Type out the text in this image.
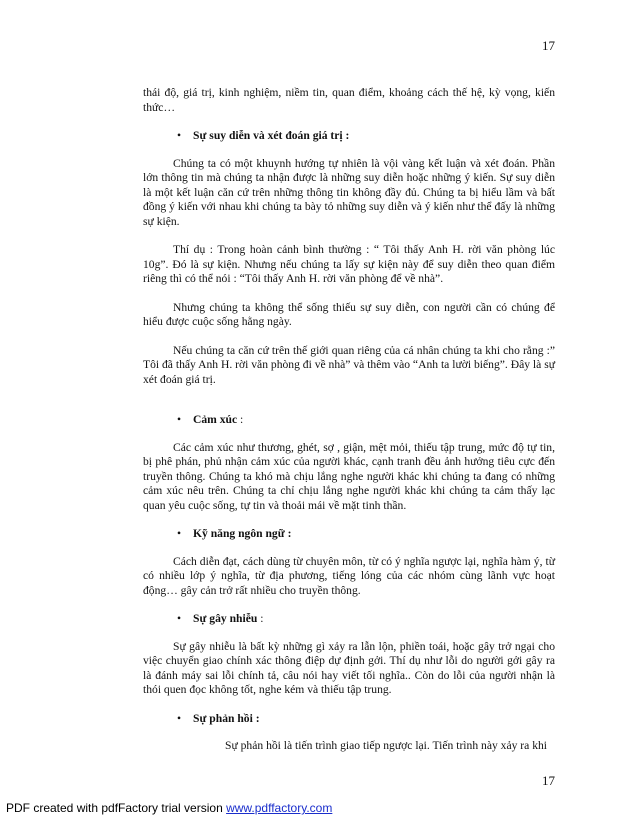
17

thái độ, giá trị, kinh nghiệm, niềm tin, quan điểm, khoảng cách thế hệ, kỳ vọng, kiến thức…

• Sự suy diễn và xét đoán giá trị :

Chúng ta có một khuynh hướng tự nhiên là vội vàng kết luận và xét đoán. Phần lớn thông tin mà chúng ta nhận được là những suy diễn hoặc những ý kiến. Sự suy diễn là một kết luận căn cứ trên những thông tin không đầy đủ. Chúng ta bị hiểu lầm và bất đồng ý kiến với nhau khi chúng ta bày tỏ những suy diễn và ý kiến như thể đấy là những sự kiện.

Thí dụ : Trong hoàn cảnh bình thường : “ Tôi thấy Anh H. rời văn phòng lúc 10g”. Đó là sự kiện. Nhưng nếu chúng ta lấy sự kiện này để suy diễn theo quan điểm riêng thì có thể nói : “Tôi thấy Anh H. rời văn phòng để về nhà”.

Nhưng chúng ta không thể sống thiếu sự suy diễn, con người cần có chúng để hiểu được cuộc sống hằng ngày.

Nếu chúng ta căn cứ trên thế giới quan riêng của cá nhân chúng ta khi cho rằng :” Tôi đã thấy Anh H. rời văn phòng đi về nhà” và thêm vào “Anh ta lười biếng”. Đây là sự xét đoán giá trị.

• Cảm xúc :

Các cảm xúc như thương, ghét, sợ , giận, mệt mỏi, thiếu tập trung, mức độ tự tin, bị phê phán, phủ nhận cảm xúc của người khác, cạnh tranh đều ảnh hưởng tiêu cực đến truyền thông. Chúng ta khó mà chịu lắng nghe người khác khi chúng ta đang có những cảm xúc nêu trên. Chúng ta chỉ chịu lắng nghe người khác khi chúng ta cảm thấy lạc quan yêu cuộc sống, tự tin và thoải mái về mặt tinh thần.

• Kỹ năng ngôn ngữ :

Cách diễn đạt, cách dùng từ chuyên môn, từ có ý nghĩa ngược lại, nghĩa hàm ý, từ có nhiều lớp ý nghĩa, từ địa phương, tiếng lóng của các nhóm cùng lãnh vực hoạt động… gây cản trở rất nhiều cho truyền thông.

• Sự gây nhiễu :

Sự gây nhiễu là bất kỳ những gì xảy ra lẫn lộn, phiền toái, hoặc gây trở ngại cho việc chuyển giao chính xác thông điệp dự định gởi. Thí dụ như lỗi do người gởi gây ra là đánh máy sai lỗi chính tả, câu nói hay viết tối nghĩa.. Còn do lỗi của người nhận là thói quen đọc không tốt, nghe kém và thiếu tập trung.

• Sự phản hồi :

Sự phản hồi là tiến trình giao tiếp ngược lại. Tiến trình này xảy ra khi

17
PDF created with pdfFactory trial version www.pdffactory.com
